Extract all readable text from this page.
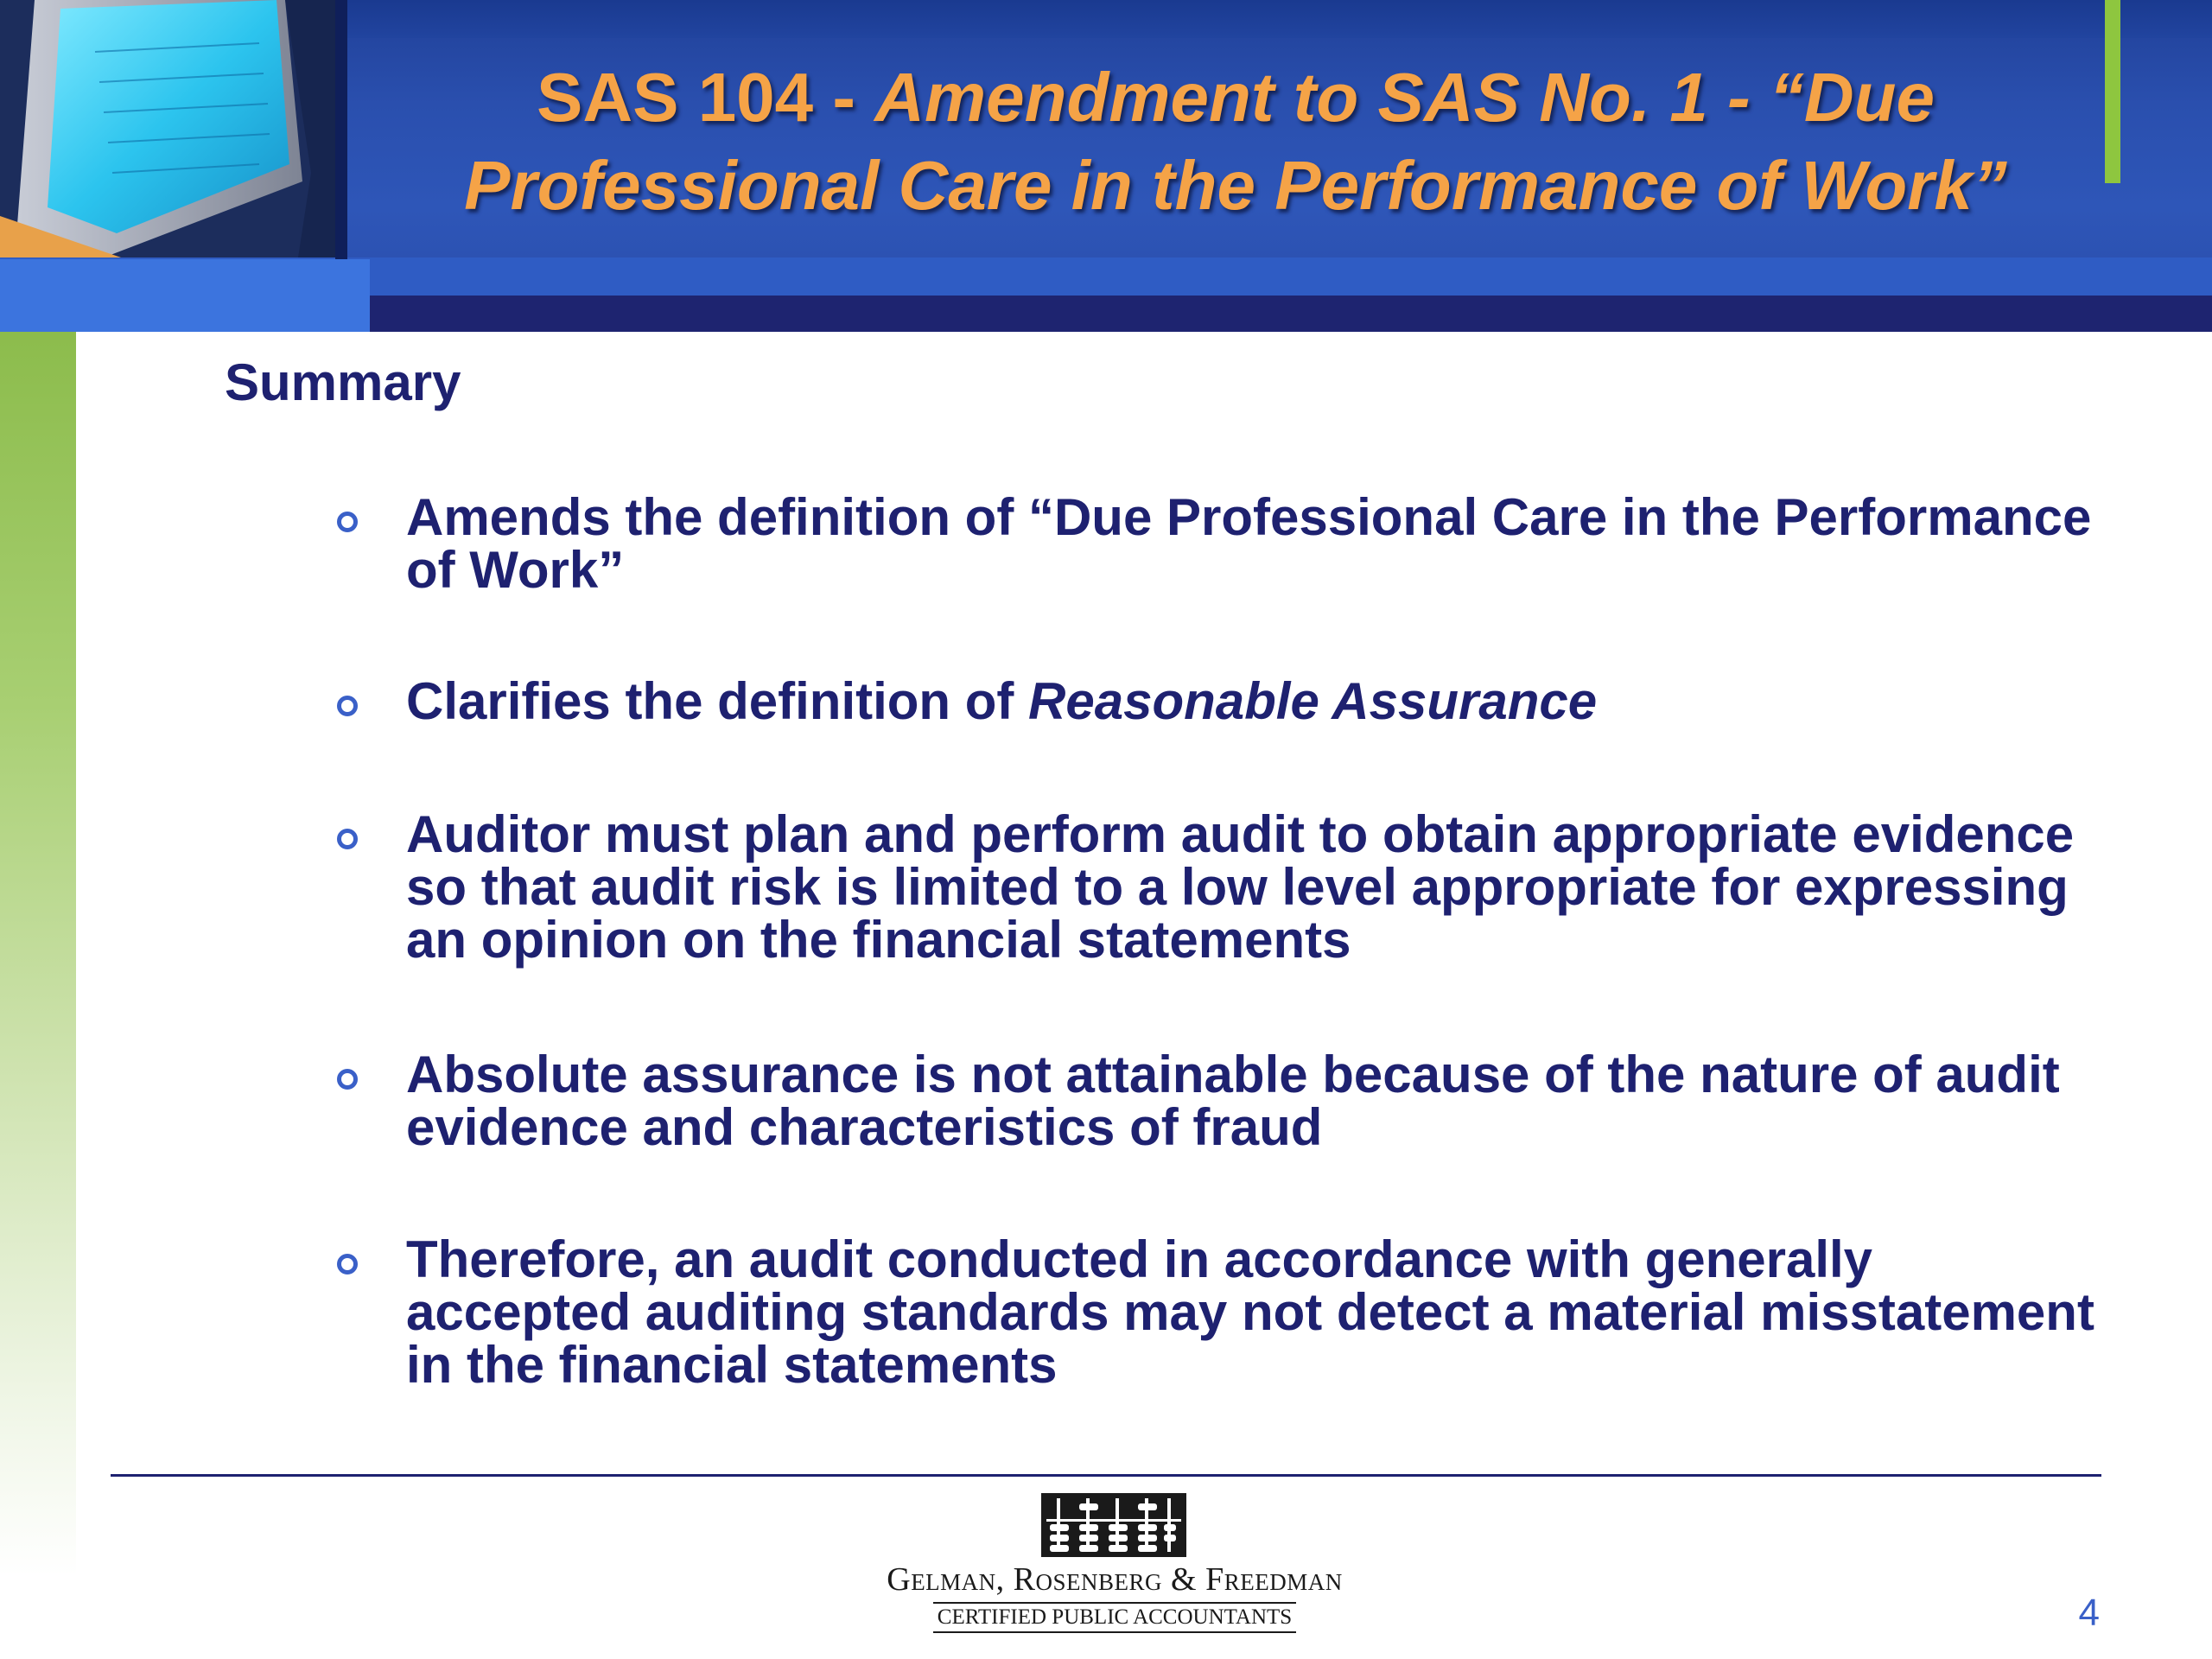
SAS 104 - Amendment to SAS No. 1 - “Due
Professional Care in the Performance of Work”
Summary
Amends the definition of “Due Professional Care in the Performance of Work”
Clarifies the definition of Reasonable Assurance
Auditor must plan and perform audit to obtain appropriate evidence so that audit risk is limited to a low level appropriate for expressing an opinion on the financial statements
Absolute assurance is not attainable because of the nature of audit evidence and characteristics of fraud
Therefore, an audit conducted in accordance with generally accepted auditing standards may not detect a material misstatement in the financial statements

Gelman, Rosenberg & Freedman

CERTIFIED PUBLIC ACCOUNTANTS	4
